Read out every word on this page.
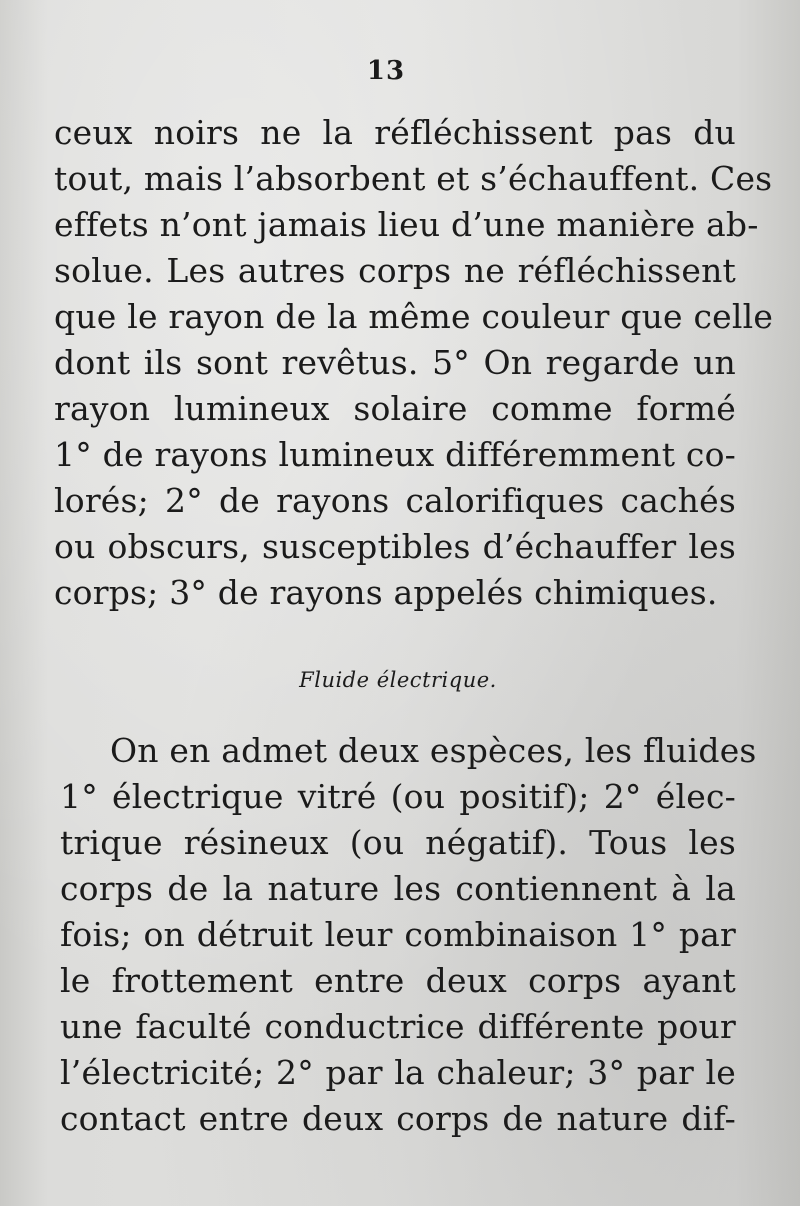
13
ceux noirs ne la réfléchissent pas du
tout, mais l’absorbent et s’échauffent. Ces
effets n’ont jamais lieu d’une manière ab-
solue. Les autres corps ne réfléchissent
que le rayon de la même couleur que celle
dont ils sont revêtus. 5° On regarde un
rayon lumineux solaire comme formé
1° de rayons lumineux différemment co-
lorés; 2° de rayons calorifiques cachés
ou obscurs, susceptibles d’échauffer les
corps; 3° de rayons appelés chimiques.
Fluide électrique.
On en admet deux espèces, les fluides
1° électrique vitré (ou positif); 2° élec-
trique résineux (ou négatif). Tous les
corps de la nature les contiennent à la
fois; on détruit leur combinaison 1° par
le frottement entre deux corps ayant
une faculté conductrice différente pour
l’électricité; 2° par la chaleur; 3° par le
contact entre deux corps de nature dif-
